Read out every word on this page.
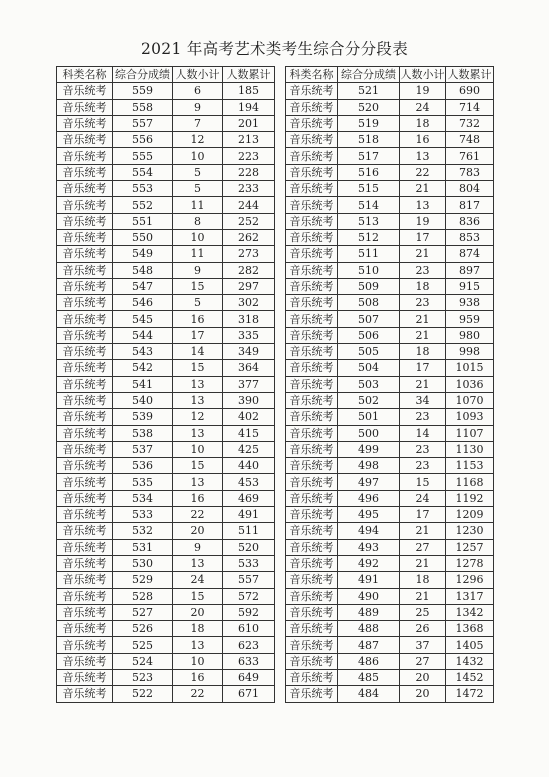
2021 年高考艺术类考生综合分分段表
科类名称	综合分成绩	人数小计	人数累计
音乐统考	559	6	185
音乐统考	558	9	194
音乐统考	557	7	201
音乐统考	556	12	213
音乐统考	555	10	223
音乐统考	554	5	228
音乐统考	553	5	233
音乐统考	552	11	244
音乐统考	551	8	252
音乐统考	550	10	262
音乐统考	549	11	273
音乐统考	548	9	282
音乐统考	547	15	297
音乐统考	546	5	302
音乐统考	545	16	318
音乐统考	544	17	335
音乐统考	543	14	349
音乐统考	542	15	364
音乐统考	541	13	377
音乐统考	540	13	390
音乐统考	539	12	402
音乐统考	538	13	415
音乐统考	537	10	425
音乐统考	536	15	440
音乐统考	535	13	453
音乐统考	534	16	469
音乐统考	533	22	491
音乐统考	532	20	511
音乐统考	531	9	520
音乐统考	530	13	533
音乐统考	529	24	557
音乐统考	528	15	572
音乐统考	527	20	592
音乐统考	526	18	610
音乐统考	525	13	623
音乐统考	524	10	633
音乐统考	523	16	649
音乐统考	522	22	671
科类名称	综合分成绩	人数小计	人数累计
音乐统考	521	19	690
音乐统考	520	24	714
音乐统考	519	18	732
音乐统考	518	16	748
音乐统考	517	13	761
音乐统考	516	22	783
音乐统考	515	21	804
音乐统考	514	13	817
音乐统考	513	19	836
音乐统考	512	17	853
音乐统考	511	21	874
音乐统考	510	23	897
音乐统考	509	18	915
音乐统考	508	23	938
音乐统考	507	21	959
音乐统考	506	21	980
音乐统考	505	18	998
音乐统考	504	17	1015
音乐统考	503	21	1036
音乐统考	502	34	1070
音乐统考	501	23	1093
音乐统考	500	14	1107
音乐统考	499	23	1130
音乐统考	498	23	1153
音乐统考	497	15	1168
音乐统考	496	24	1192
音乐统考	495	17	1209
音乐统考	494	21	1230
音乐统考	493	27	1257
音乐统考	492	21	1278
音乐统考	491	18	1296
音乐统考	490	21	1317
音乐统考	489	25	1342
音乐统考	488	26	1368
音乐统考	487	37	1405
音乐统考	486	27	1432
音乐统考	485	20	1452
音乐统考	484	20	1472
